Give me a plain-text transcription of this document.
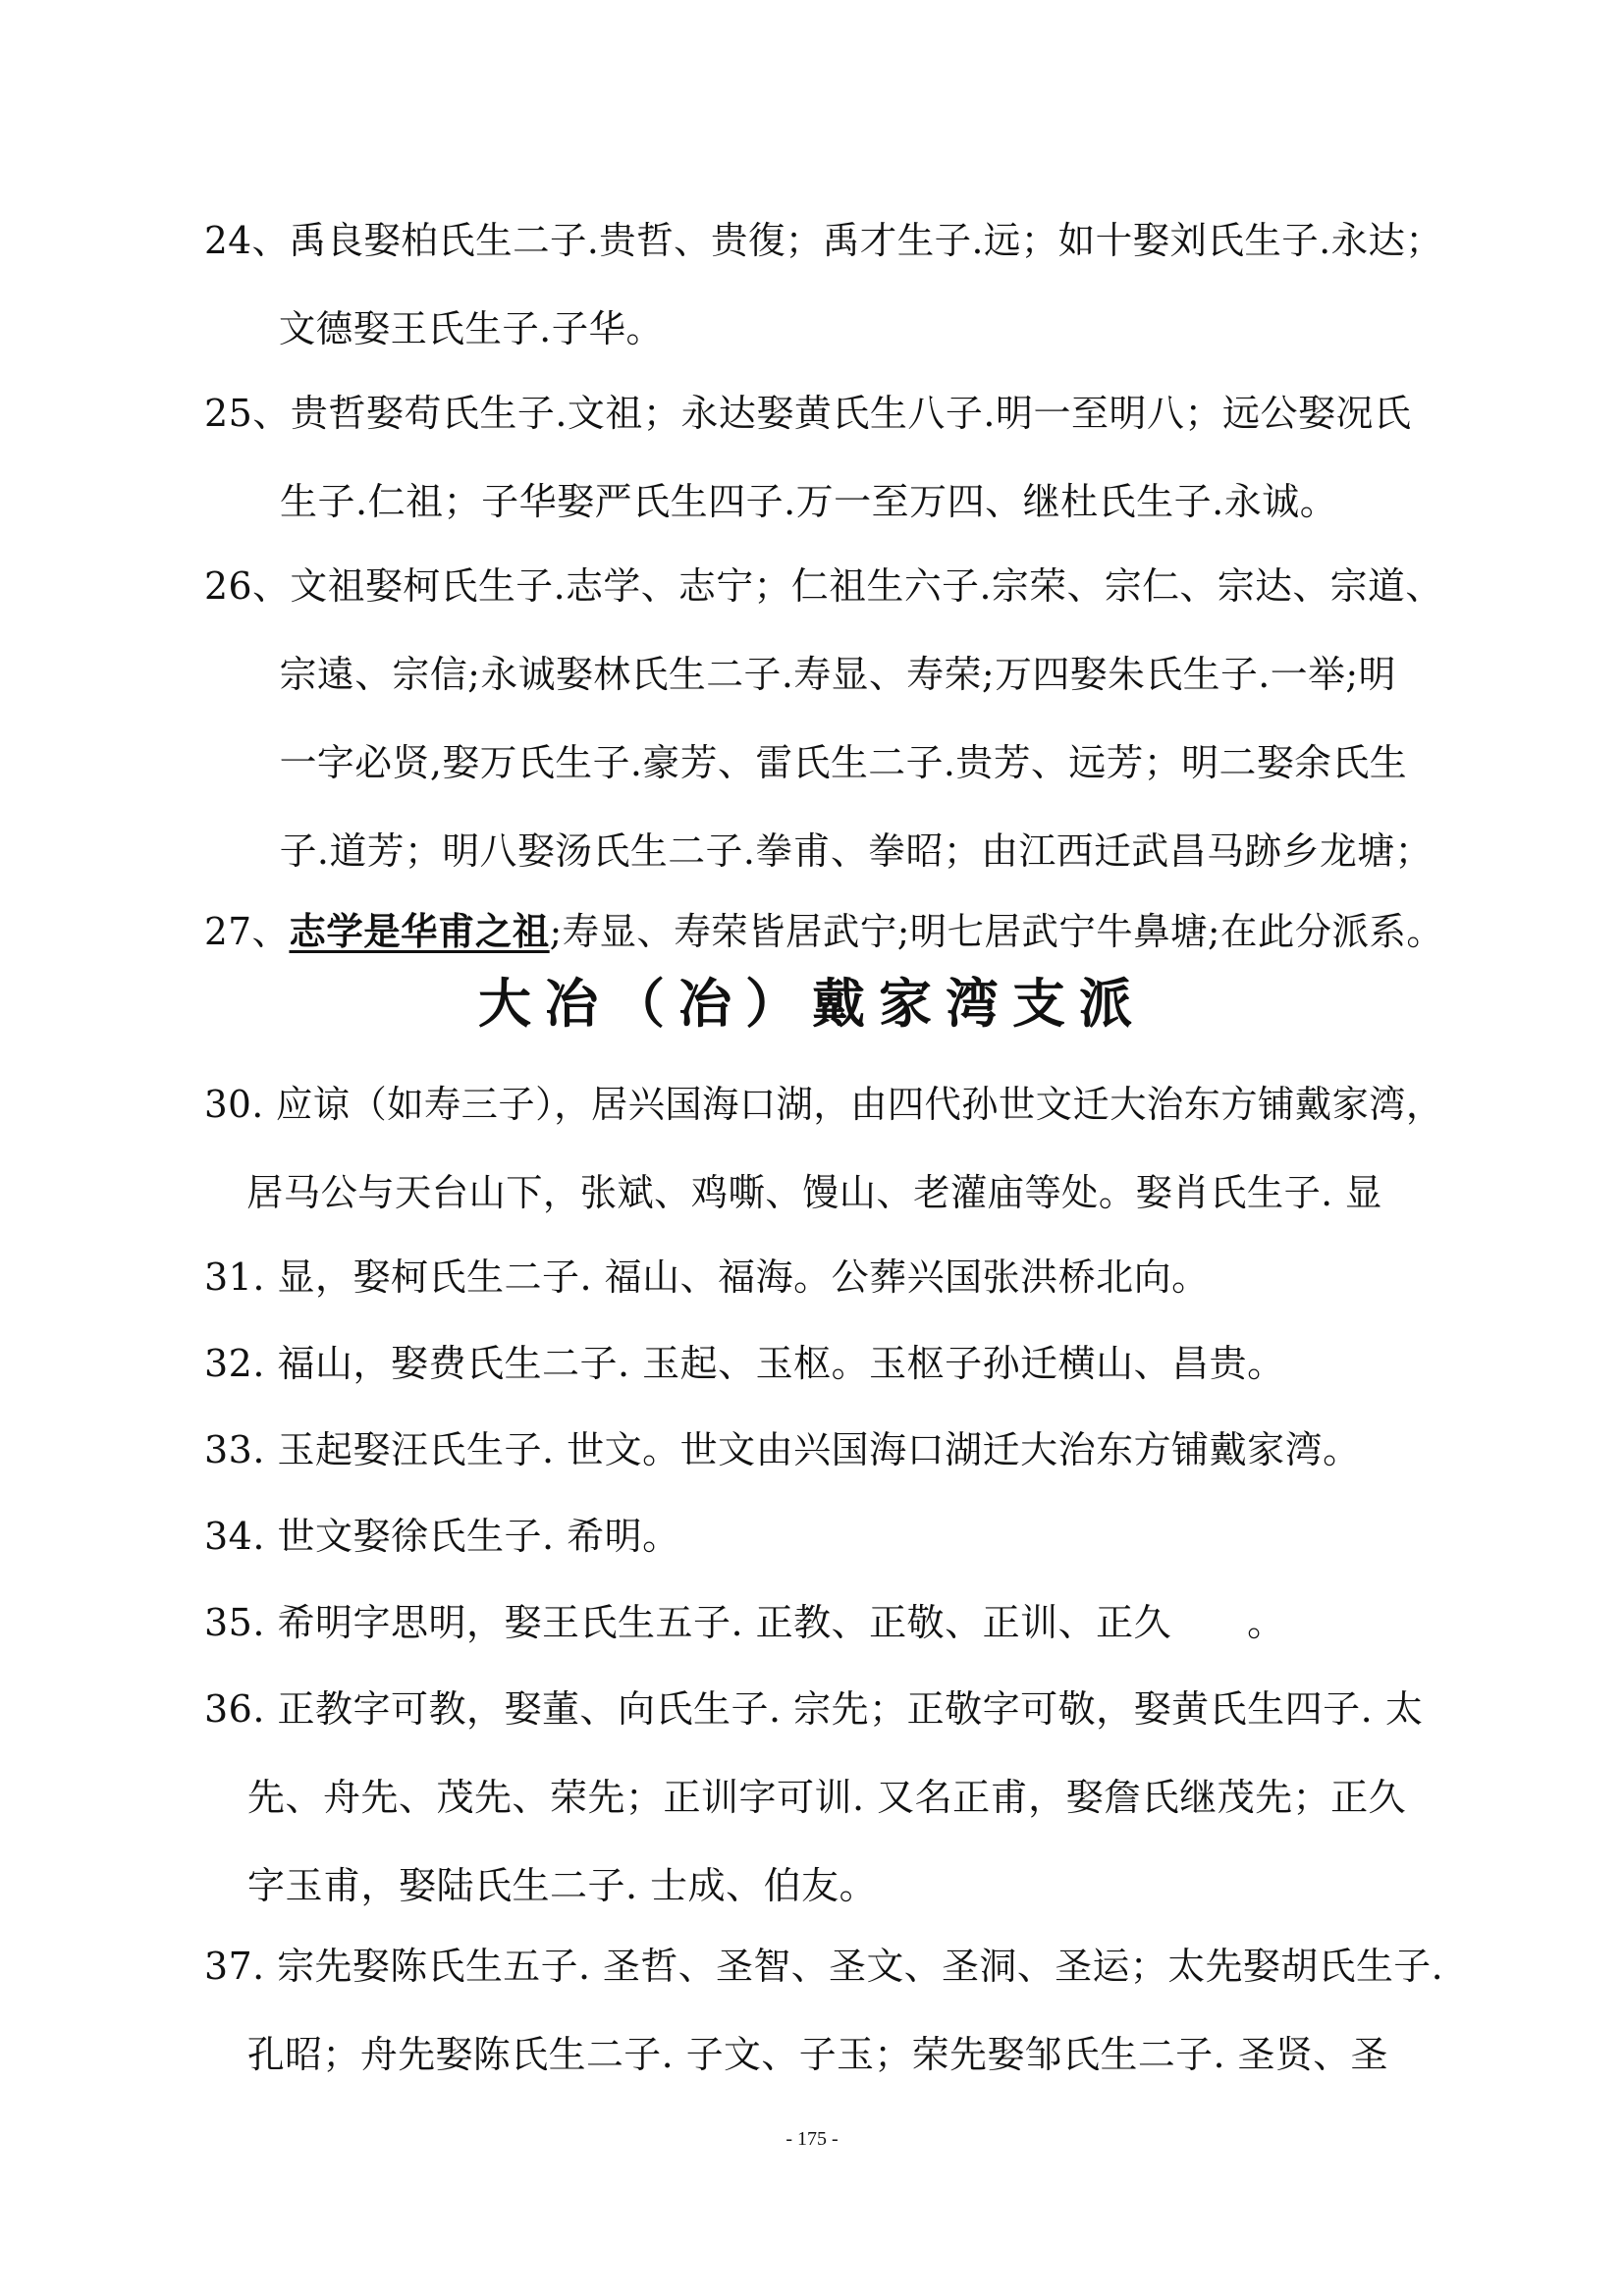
24、禹良娶柏氏生二子.贵哲、贵復；禹才生子.远；如十娶刘氏生子.永达；
文德娶王氏生子.子华。
25、贵哲娶苟氏生子.文祖；永达娶黄氏生八子.明一至明八；远公娶况氏
生子.仁祖；子华娶严氏生四子.万一至万四、继杜氏生子.永诚。
26、文祖娶柯氏生子.志学、志宁；仁祖生六子.宗荣、宗仁、宗达、宗道、
宗遠、宗信;永诚娶林氏生二子.寿显、寿荣;万四娶朱氏生子.一举;明
一字必贤,娶万氏生子.豪芳、雷氏生二子.贵芳、远芳；明二娶余氏生
子.道芳；明八娶汤氏生二子.拳甫、拳昭；由江西迁武昌马跡乡龙塘；
27、志学是华甫之祖;寿显、寿荣皆居武宁;明七居武宁牛鼻塘;在此分派系。
大冶（冶）戴家湾支派
30. 应谅（如寿三子），居兴国海口湖，由四代孙世文迁大治东方铺戴家湾，
居马公与天台山下，张斌、鸡嘶、馒山、老灌庙等处。娶肖氏生子. 显
31. 显，娶柯氏生二子. 福山、福海。公葬兴国张洪桥北向。
32. 福山，娶费氏生二子. 玉起、玉枢。玉枢子孙迁横山、昌贵。
33. 玉起娶汪氏生子. 世文。世文由兴国海口湖迁大治东方铺戴家湾。
34. 世文娶徐氏生子. 希明。
35. 希明字思明，娶王氏生五子. 正教、正敬、正训、正久　　。
36. 正教字可教，娶董、向氏生子. 宗先；正敬字可敬，娶黄氏生四子. 太
先、舟先、茂先、荣先；正训字可训. 又名正甫，娶詹氏继茂先；正久
字玉甫，娶陆氏生二子. 士成、伯友。
37. 宗先娶陈氏生五子. 圣哲、圣智、圣文、圣洞、圣运；太先娶胡氏生子.
孔昭；舟先娶陈氏生二子. 子文、子玉；荣先娶邹氏生二子. 圣贤、圣
- 175 -
